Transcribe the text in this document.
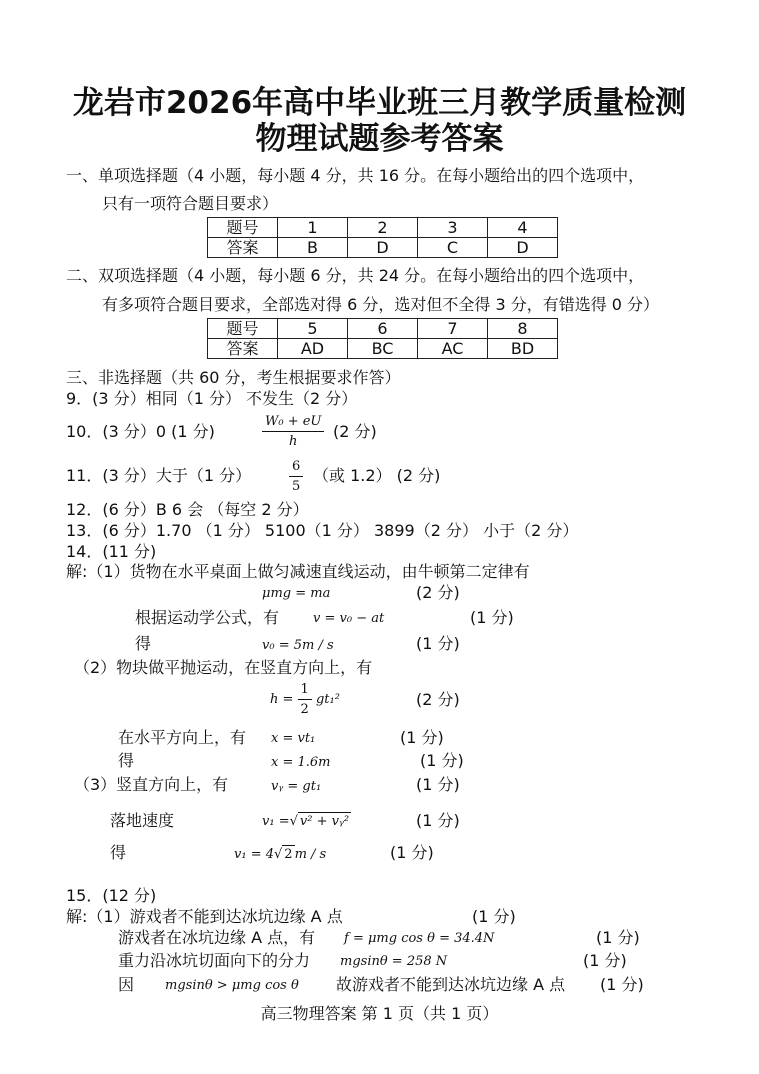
龙岩市2026年高中毕业班三月教学质量检测
物理试题参考答案
一、单项选择题（4 小题，每小题 4 分，共 16 分。在每小题给出的四个选项中，
只有一项符合题目要求）
题号	1	2	3	4
答案	B	D	C	D
二、双项选择题（4 小题，每小题 6 分，共 24 分。在每小题给出的四个选项中，
有多项符合题目要求，全部选对得 6 分，选对但不全得 3 分，有错选得 0 分）
题号	5	6	7	8
答案	AD	BC	AC	BD
三、非选择题（共 60 分，考生根据要求作答）
9．(3 分）相同（1 分） 不发生（2 分）
10．(3 分）0 (1 分)	$\frac{\text{W₀ + eU}}{h} (2$ 分)
11．(3 分）大于（1 分）	$\frac{6}{5}$ （或 1.2） (2 分)
12．(6 分）B 6 会 （每空 2 分）
13．(6 分）1.70 （1 分） 5100（1 分） 3899（2 分） 小于（2 分）
14．(11 分)
解:（1）货物在水平桌面上做匀减速直线运动，由牛顿第二定律有
μmg = ma	(2 分)
根据运动学公式，有	v = v₀ − at	(1 分)
得	v₀ = 5m / s	(1 分)
（2）物块做平抛运动，在竖直方向上，有
$h = \frac{1}{2} gt_1^2$	(2 分)
在水平方向上，有 x = vt₁	(1 分)
得	x = 1.6m	(1 分)
（3）竖直方向上，有	vᵧ = gt₁	(1 分)
落地速度	v₁ =√ v² + vᵧ²	(1 分)
得	v₁ = 4√ 2 m / s	(1 分)
15．(12 分)
解:（1）游戏者不能到达冰坑边缘 A 点	(1 分)
游戏者在冰坑边缘 A 点，有 f = μmg cos θ = 34.4N	(1 分)
重力沿冰坑切面向下的分力 mgsinθ = 258 N	(1 分)
因 mgsinθ > μmg cos θ 故游戏者不能到达冰坑边缘 A 点 (1 分)
高三物理答案 第 1 页（共 1 页）
